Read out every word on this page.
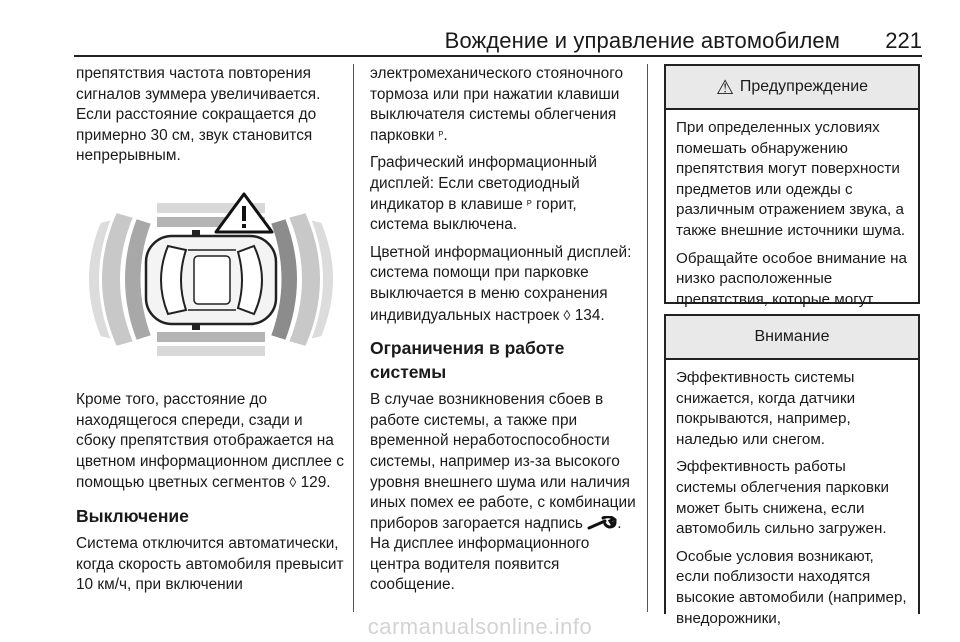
Вождение и управление автомобилем 221

препятствия частота повторения сигналов зуммера увеличивается. Если расстояние сокращается до примерно 30 см, звук становится непрерывным.

Кроме того, расстояние до находящегося спереди, сзади и сбоку препятствия отображается на цветном информационном дисплее с помощью цветных сегментов ◊ 129.

Выключение

Система отключится автоматически, когда скорость автомобиля превысит 10 км/ч, при включении

электромеханического стояночного тормоза или при нажатии клавиши выключателя системы облегчения парковки ᴾ.

Графический информационный дисплей: Если светодиодный индикатор в клавише ᴾ горит, система выключена.

Цветной информационный дисплей: система помощи при парковке выключается в меню сохранения индивидуальных настроек ◊ 134.

Ограничения в работе системы

В случае возникновения сбоев в работе системы, а также при временной неработоспособности системы, например из-за высокого уровня внешнего шума или наличия иных помех ее работе, с комбинации приборов загорается надпись . На дисплее информационного центра водителя появится сообщение.

⚠ Предупреждение

При определенных условиях помешать обнаружению препятствия могут поверхности предметов или одежды с различным отражением звука, а также внешние источники шума.

Обращайте особое внимание на низко расположенные препятствия, которые могут

Внимание

Эффективность системы снижается, когда датчики покрываются, например, наледью или снегом.

Эффективность работы системы облегчения парковки может быть снижена, если автомобиль сильно загружен.

Особые условия возникают, если поблизости находятся высокие автомобили (например, внедорожники,

carmanualsonline.info
